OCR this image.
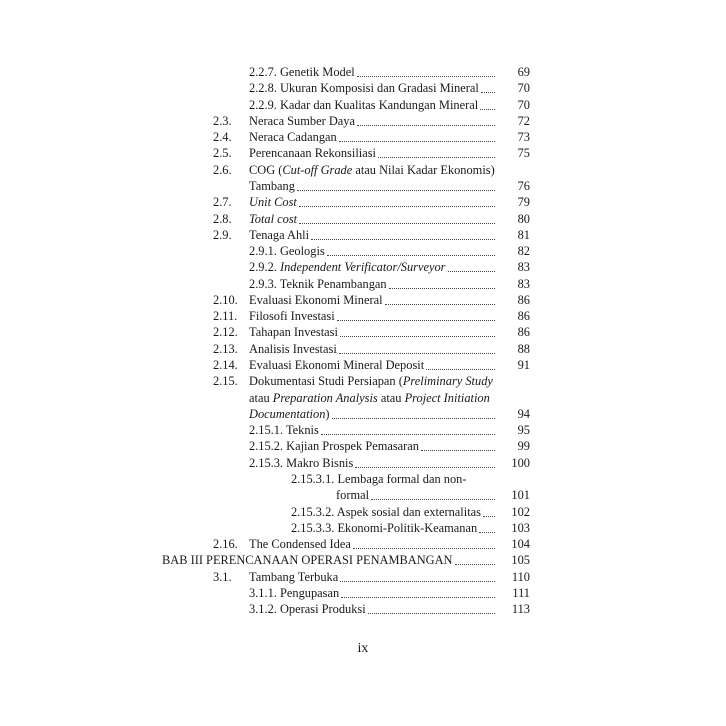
2.2.7. Genetik Model	69
2.2.8. Ukuran Komposisi dan Gradasi Mineral	70
2.2.9. Kadar dan Kualitas Kandungan Mineral	70
2.3. Neraca Sumber Daya	72
2.4. Neraca Cadangan	73
2.5. Perencanaan Rekonsiliasi	75
2.6. COG (Cut-off Grade atau Nilai Kadar Ekonomis)
Tambang	76
2.7. Unit Cost	79
2.8. Total cost	80
2.9. Tenaga Ahli	81
2.9.1. Geologis	82
2.9.2. Independent Verificator/Surveyor	83
2.9.3. Teknik Penambangan	83
2.10. Evaluasi Ekonomi Mineral	86
2.11. Filosofi Investasi	86
2.12. Tahapan Investasi	86
2.13. Analisis Investasi	88
2.14. Evaluasi Ekonomi Mineral Deposit	91
2.15. Dokumentasi Studi Persiapan (Preliminary Study
atau Preparation Analysis atau Project Initiation
Documentation)	94
2.15.1. Teknis	95
2.15.2. Kajian Prospek Pemasaran	99
2.15.3. Makro Bisnis	100
2.15.3.1. Lembaga formal dan non-
formal	101
2.15.3.2. Aspek sosial dan externalitas	102
2.15.3.3. Ekonomi-Politik-Keamanan	103
2.16. The Condensed Idea	104
BAB III PERENCANAAN OPERASI PENAMBANGAN	105
3.1. Tambang Terbuka	110
3.1.1. Pengupasan	111
3.1.2. Operasi Produksi	113
ix
